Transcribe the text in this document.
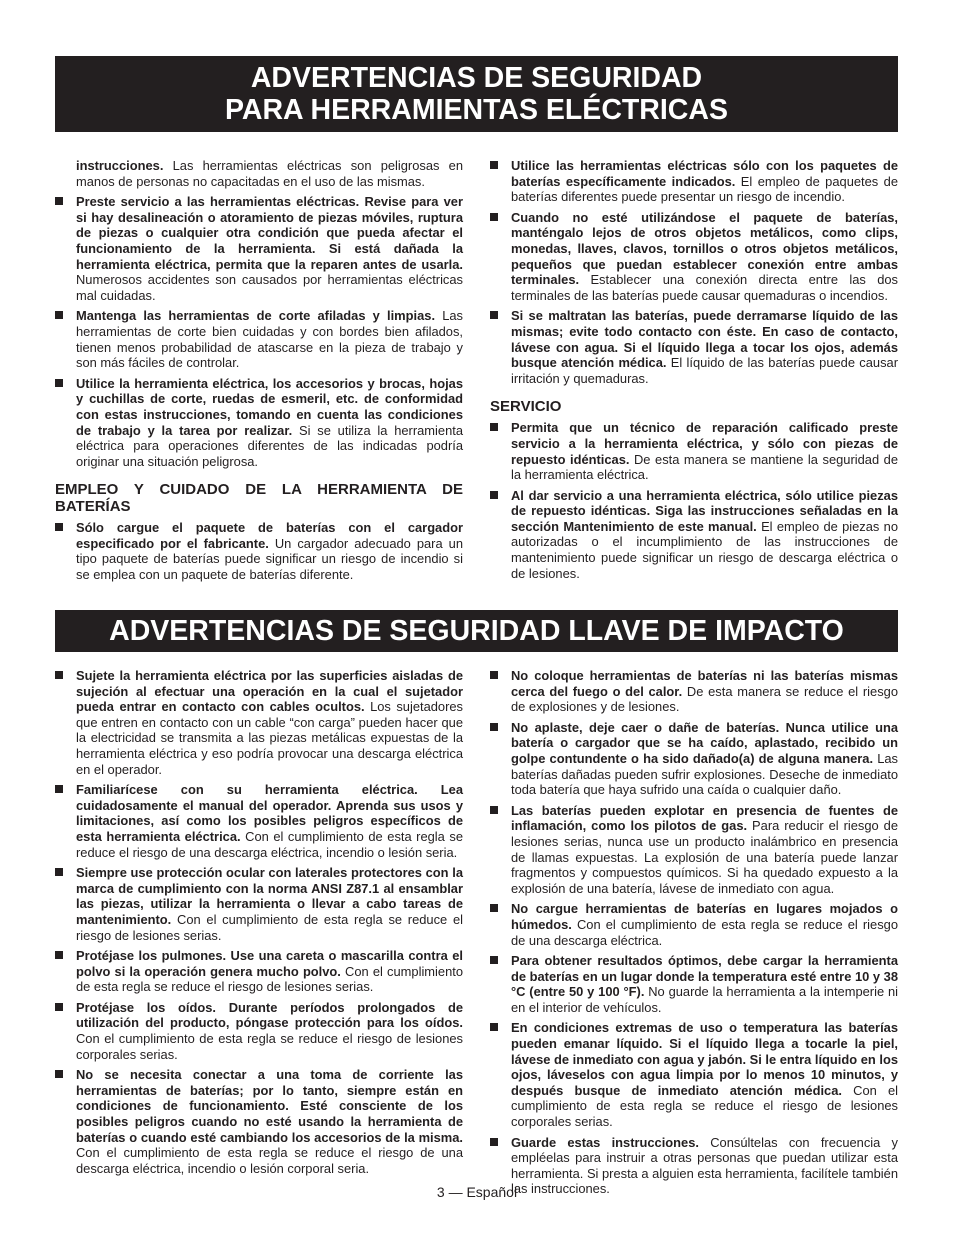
ADVERTENCIAS DE SEGURIDAD
PARA HERRAMIENTAS ELÉCTRICAS

instrucciones. Las herramientas eléctricas son peligrosas en manos de personas no capacitadas en el uso de las mismas.

Preste servicio a las herramientas eléctricas. Revise para ver si hay desalineación o atoramiento de piezas móviles, ruptura de piezas o cualquier otra condición que pueda afectar el funcionamiento de la herramienta. Si está dañada la herramienta eléctrica, permita que la reparen antes de usarla. Numerosos accidentes son causados por herramientas eléctricas mal cuidadas.
Mantenga las herramientas de corte afiladas y limpias. Las herramientas de corte bien cuidadas y con bordes bien afilados, tienen menos probabilidad de atascarse en la pieza de trabajo y son más fáciles de controlar.
Utilice la herramienta eléctrica, los accesorios y brocas, hojas y cuchillas de corte, ruedas de esmeril, etc. de conformidad con estas instrucciones, tomando en cuenta las condiciones de trabajo y la tarea por realizar. Si se utiliza la herramienta eléctrica para operaciones diferentes de las indicadas podría originar una situación peligrosa.
EMPLEO Y CUIDADO DE LA HERRAMIENTA DE BATERÍAS
Sólo cargue el paquete de baterías con el cargador especificado por el fabricante. Un cargador adecuado para un tipo paquete de baterías puede significar un riesgo de incendio si se emplea con un paquete de baterías diferente.
Utilice las herramientas eléctricas sólo con los paquetes de baterías específicamente indicados. El empleo de paquetes de baterías diferentes puede presentar un riesgo de incendio.
Cuando no esté utilizándose el paquete de baterías, manténgalo lejos de otros objetos metálicos, como clips, monedas, llaves, clavos, tornillos o otros objetos metálicos, pequeños que puedan establecer conexión entre ambas terminales. Establecer una conexión directa entre las dos terminales de las baterías puede causar quemaduras o incendios.
Si se maltratan las baterías, puede derramarse líquido de las mismas; evite todo contacto con éste. En caso de contacto, lávese con agua. Si el líquido llega a tocar los ojos, además busque atención médica. El líquido de las baterías puede causar irritación y quemaduras.
SERVICIO
Permita que un técnico de reparación calificado preste servicio a la herramienta eléctrica, y sólo con piezas de repuesto idénticas. De esta manera se mantiene la seguridad de la herramienta eléctrica.
Al dar servicio a una herramienta eléctrica, sólo utilice piezas de repuesto idénticas. Siga las instrucciones señaladas en la sección Mantenimiento de este manual. El empleo de piezas no autorizadas o el incumplimiento de las instrucciones de mantenimiento puede significar un riesgo de descarga eléctrica o de lesiones.
ADVERTENCIAS DE SEGURIDAD LLAVE DE IMPACTO
Sujete la herramienta eléctrica por las superficies aisladas de sujeción al efectuar una operación en la cual el sujetador pueda entrar en contacto con cables ocultos. Los sujetadores que entren en contacto con un cable “con carga” pueden hacer que la electricidad se transmita a las piezas metálicas expuestas de la herramienta eléctrica y eso podría provocar una descarga eléctrica en el operador.
Familiarícese con su herramienta eléctrica. Lea cuidadosamente el manual del operador. Aprenda sus usos y limitaciones, así como los posibles peligros específicos de esta herramienta eléctrica. Con el cumplimiento de esta regla se reduce el riesgo de una descarga eléctrica, incendio o lesión seria.
Siempre use protección ocular con laterales protectores con la marca de cumplimiento con la norma ANSI Z87.1 al ensamblar las piezas, utilizar la herramienta o llevar a cabo tareas de mantenimiento. Con el cumplimiento de esta regla se reduce el riesgo de lesiones serias.
Protéjase los pulmones. Use una careta o mascarilla contra el polvo si la operación genera mucho polvo. Con el cumplimiento de esta regla se reduce el riesgo de lesiones serias.
Protéjase los oídos. Durante períodos prolongados de utilización del producto, póngase protección para los oídos. Con el cumplimiento de esta regla se reduce el riesgo de lesiones corporales serias.
No se necesita conectar a una toma de corriente las herramientas de baterías; por lo tanto, siempre están en condiciones de funcionamiento. Esté consciente de los posibles peligros cuando no esté usando la herramienta de baterías o cuando esté cambiando los accesorios de la misma. Con el cumplimiento de esta regla se reduce el riesgo de una descarga eléctrica, incendio o lesión corporal seria.
No coloque herramientas de baterías ni las baterías mismas cerca del fuego o del calor. De esta manera se reduce el riesgo de explosiones y de lesiones.
No aplaste, deje caer o dañe de baterías. Nunca utilice una batería o cargador que se ha caído, aplastado, recibido un golpe contundente o ha sido dañado(a) de alguna manera. Las baterías dañadas pueden sufrir explosiones. Deseche de inmediato toda batería que haya sufrido una caída o cualquier daño.
Las baterías pueden explotar en presencia de fuentes de inflamación, como los pilotos de gas. Para reducir el riesgo de lesiones serias, nunca use un producto inalámbrico en presencia de llamas expuestas. La explosión de una batería puede lanzar fragmentos y compuestos químicos. Si ha quedado expuesto a la explosión de una batería, lávese de inmediato con agua.
No cargue herramientas de baterías en lugares mojados o húmedos. Con el cumplimiento de esta regla se reduce el riesgo de una descarga eléctrica.
Para obtener resultados óptimos, debe cargar la herramienta de baterías en un lugar donde la temperatura esté entre 10 y 38 °C (entre 50 y 100 °F). No guarde la herramienta a la intemperie ni en el interior de vehículos.
En condiciones extremas de uso o temperatura las baterías pueden emanar líquido. Si el líquido llega a tocarle la piel, lávese de inmediato con agua y jabón. Si le entra líquido en los ojos, láveselos con agua limpia por lo menos 10 minutos, y después busque de inmediato atención médica. Con el cumplimiento de esta regla se reduce el riesgo de lesiones corporales serias.
Guarde estas instrucciones. Consúltelas con frecuencia y empléelas para instruir a otras personas que puedan utilizar esta herramienta. Si presta a alguien esta herramienta, facilítele también las instrucciones.
3 — Español
